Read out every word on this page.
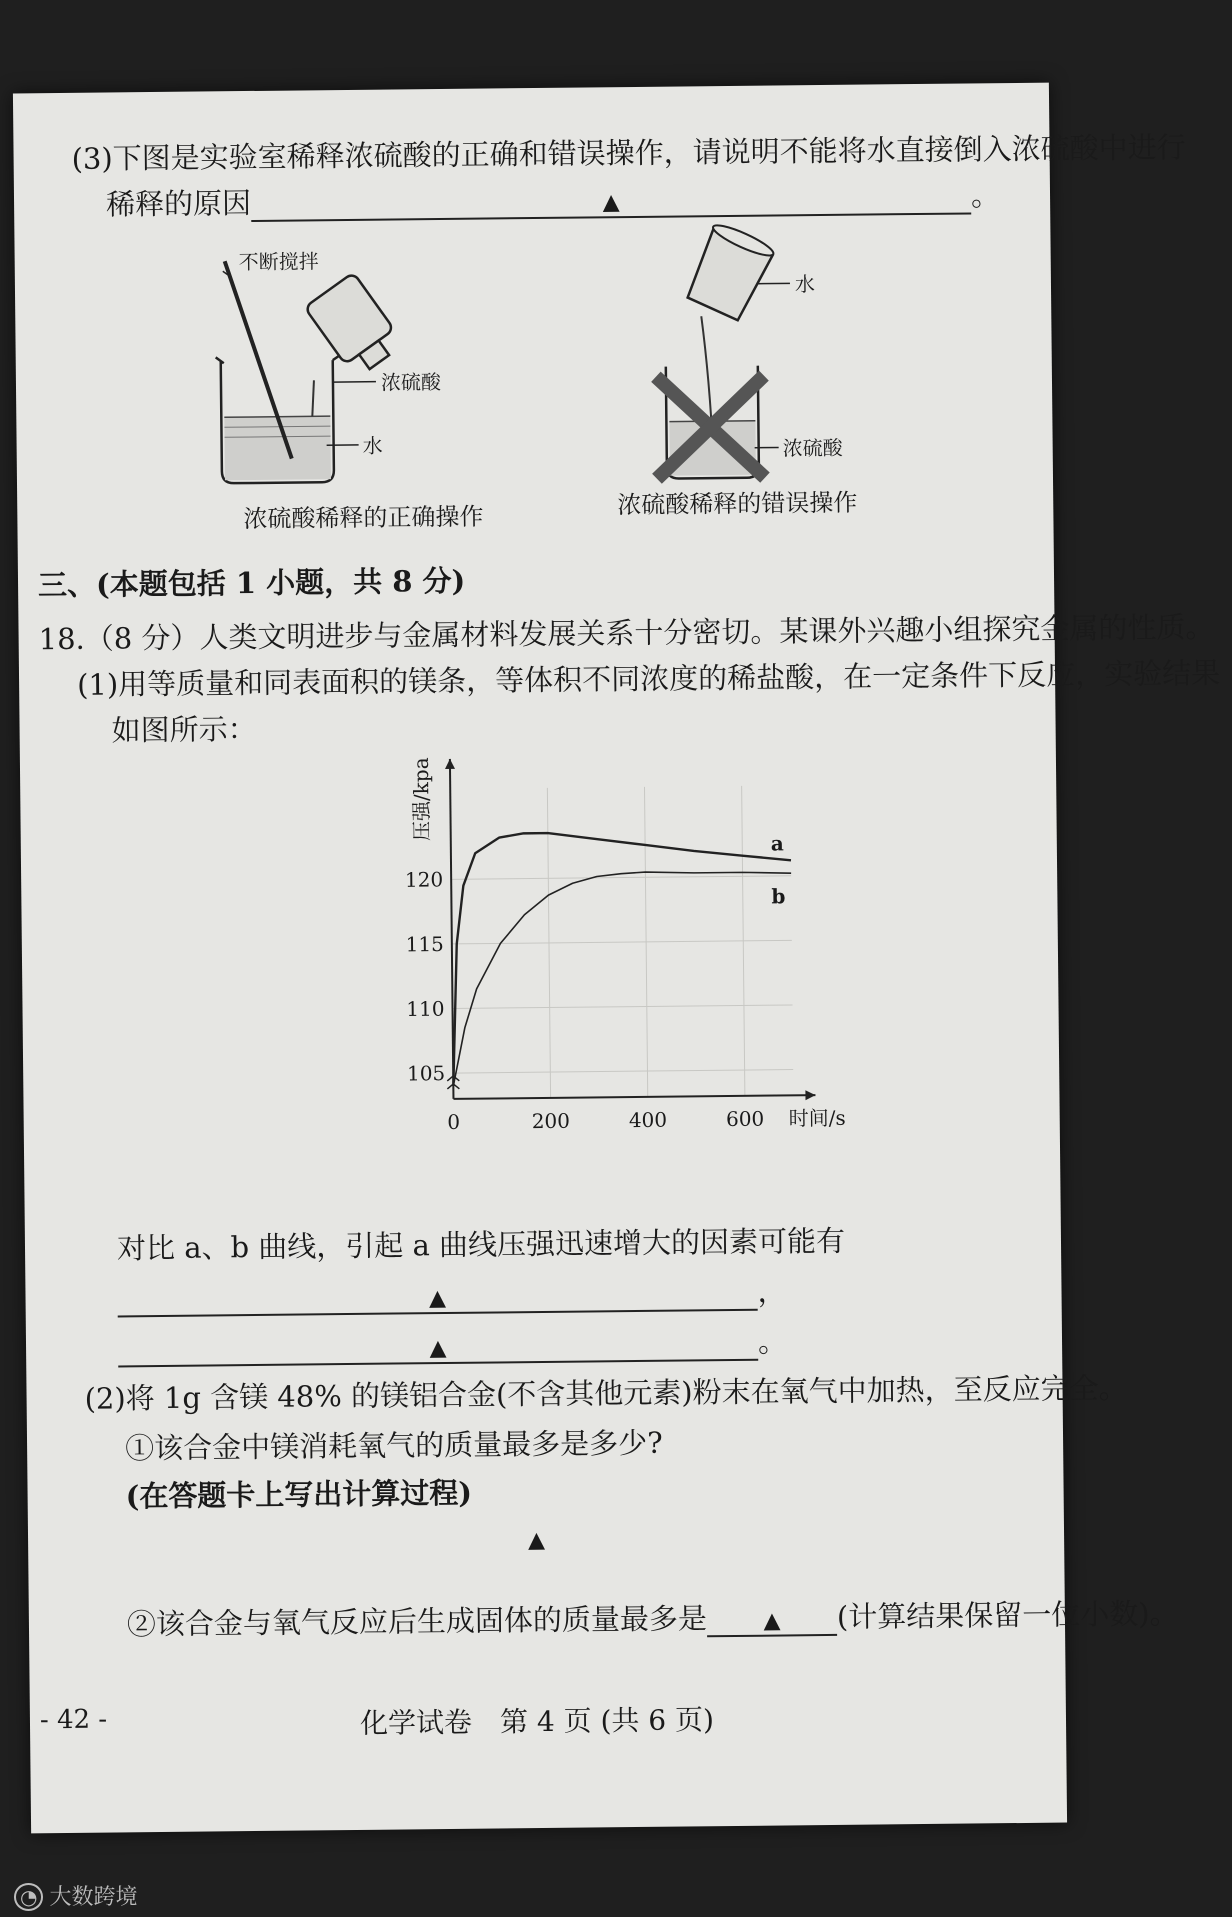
(3)下图是实验室稀释浓硫酸的正确和错误操作，请说明不能将水直接倒入浓硫酸中进行
稀释的原因	▲	。
不断搅拌
浓硫酸
水
水
浓硫酸
浓硫酸稀释的正确操作	浓硫酸稀释的错误操作
三、(本题包括 1 小题，共 8 分)
18.（8 分）人类文明进步与金属材料发展关系十分密切。某课外兴趣小组探究金属的性质。
(1)用等质量和同表面积的镁条，等体积不同浓度的稀盐酸，在一定条件下反应，实验结果
如图所示：
a
b
0	200	400	600
105
110
115
120
压强/kpa
时间/s
对比 a、b 曲线，引起 a 曲线压强迅速增大的因素可能有
▲	，
▲	。
(2)将 1g 含镁 48% 的镁铝合金(不含其他元素)粉末在氧气中加热，至反应完全。
①该合金中镁消耗氧气的质量最多是多少?
(在答题卡上写出计算过程)
▲
②该合金与氧气反应后生成固体的质量最多是	▲ (计算结果保留一位小数)。
- 42 -	化学试卷　第 4 页 (共 6 页)
◔ 大数跨境
